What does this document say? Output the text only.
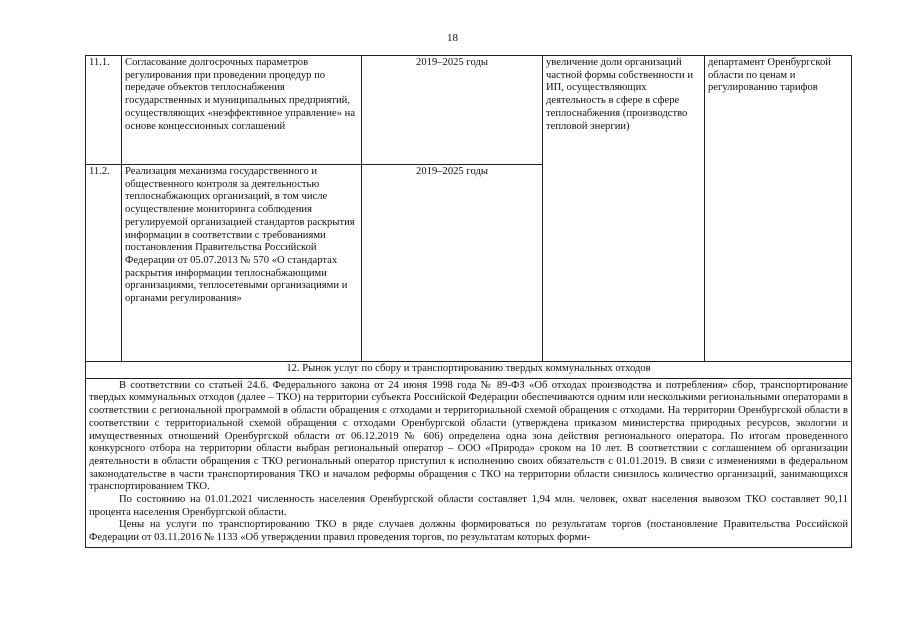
18
11.1.	Согласование долгосрочных параметров регулирования при проведении процедур по передаче объектов теплоснабжения государственных и муниципальных предприятий, осуществляющих «неэффективное управление» на основе концессионных соглашений	2019–2025 годы	увеличение доли организаций частной формы собственности и ИП, осуществляющих деятельность в сфере в сфере теплоснабжения (производство тепловой энергии)	департамент Оренбургской области по ценам и регулированию тарифов
11.2.	Реализация механизма государственного и общественного контроля за деятельностью теплоснабжающих организаций, в том числе осуществление мониторинга соблюдения регулируемой организацией стандартов раскрытия информации в соответствии с требованиями постановления Правительства Российской Федерации от 05.07.2013 № 570 «О стандартах раскрытия информации теплоснабжающими организациями, теплосетевыми организациями и органами регулирования»	2019–2025 годы		
12. Рынок услуг по сбору и транспортированию твердых коммунальных отходов				

В соответствии со статьей 24.6. Федерального закона от 24 июня 1998 года № 89-ФЗ «Об отходах производства и потребления» сбор, транспортирование твердых коммунальных отходов (далее – ТКО) на территории субъекта Российской Федерации обеспечиваются одним или несколькими региональными операторами в соответствии с региональной программой в области обращения с отходами и территориальной схемой обращения с отходами. На территории Оренбургской области в соответствии с территориальной схемой обращения с отходами Оренбургской области (утверждена приказом министерства природных ресурсов, экологии и имущественных отношений Оренбургской области от 06.12.2019 № 606) определена одна зона действия регионального оператора. По итогам проведенного конкурсного отбора на территории области выбран региональный оператор – ООО «Природа» сроком на 10 лет. В соответствии с соглашением об организации деятельности в области обращения с ТКО региональный оператор приступил к исполнению своих обязательств с 01.01.2019. В связи с изменениями в федеральном законодательстве в части транспортирования ТКО и началом реформы обращения с ТКО на территории области снизилось количество организаций, занимающихся транспортированием ТКО.

По состоянию на 01.01.2021 численность населения Оренбургской области составляет 1,94 млн. человек, охват населения вывозом ТКО составляет 90,11 процента населения Оренбургской области.

Цены на услуги по транспортированию ТКО в ряде случаев должны формироваться по результатам торгов (постановление Правительства Российской Федерации от 03.11.2016 № 1133 «Об утверждении правил проведения торгов, по результатам которых форми-				
